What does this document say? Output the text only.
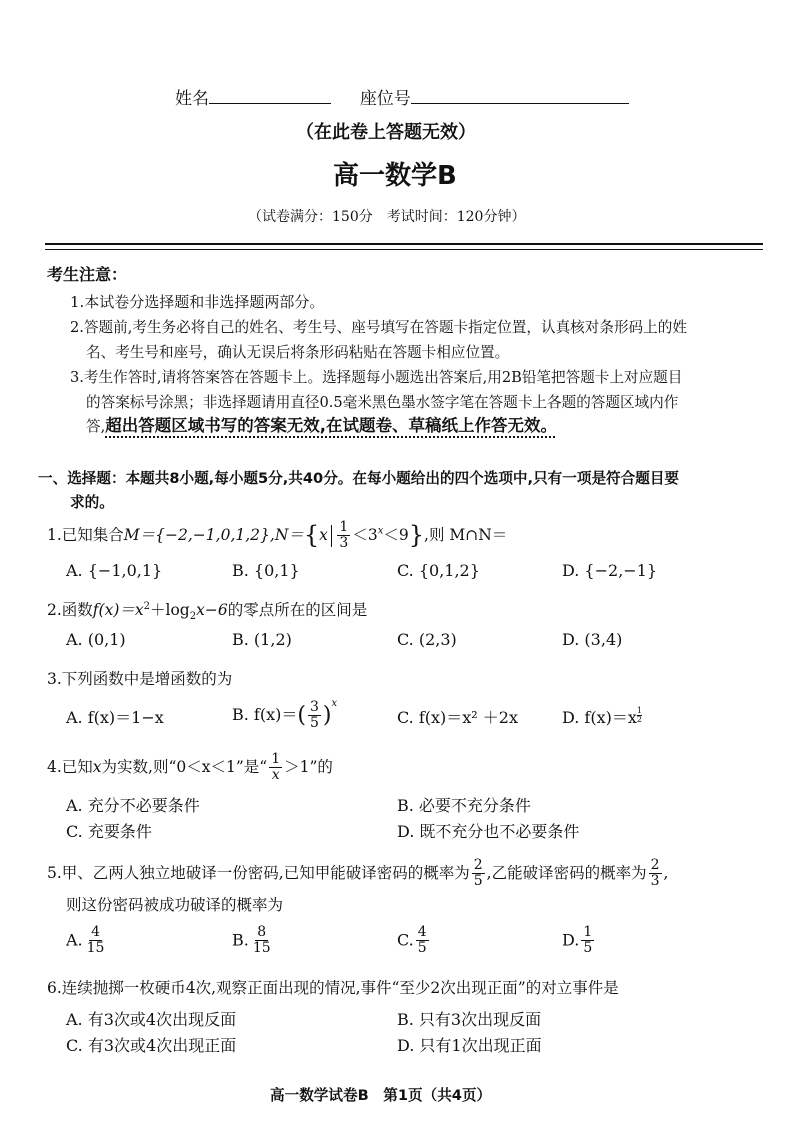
姓名	座位号
（在此卷上答题无效）
高一数学B
（试卷满分：150分　考试时间：120分钟）
考生注意：
1.本试卷分选择题和非选择题两部分。
2.答题前,考生务必将自己的姓名、考生号、座号填写在答题卡指定位置，认真核对条形码上的姓
名、考生号和座号，确认无误后将条形码粘贴在答题卡相应位置。
3.考生作答时,请将答案答在答题卡上。选择题每小题选出答案后,用2B铅笔把答题卡上对应题目
的答案标号涂黑；非选择题请用直径0.5毫米黑色墨水签字笔在答题卡上各题的答题区域内作
答,超出答题区域书写的答案无效,在试题卷、草稿纸上作答无效。
一、选择题：本题共8小题,每小题5分,共40分。在每小题给出的四个选项中,只有一项是符合题目要
求的。
1.已知集合$M=\{-2,-1,0,1,2\},N=\{x \frac{1}{3} <3^x<9\}$,则 M∩N＝
A. {−1,0,1}	B. {0,1}	C. {0,1,2}	D. {−2,−1}
2.函数$f(x)=x^2+\log_2x-6$的零点所在的区间是
A. (0,1)	B. (1,2)	C. (2,3)	D. (3,4)
3.下列函数中是增函数的为
A. f(x)＝1−x	B. $f(x)=( \frac{3}{5} )^x$
C. f(x)＝x² ＋2x	D. $f(x)=x \frac{1}{2}$
4.已知x为实数,则“0＜x＜1”是“ $\frac{1}{x} >1$”的
A. 充分不必要条件	B. 必要不充分条件
C. 充要条件	D. 既不充分也不必要条件
5.甲、乙两人独立地破译一份密码,已知甲能破译密码的概率为 $\frac{2}{5}$ ,乙能破译密码的概率为 $\frac{2}{3}$ ,
则这份密码被成功破译的概率为
A. $\frac{4}{15}$	B. $\frac{8}{15}$	C. $\frac{4}{5}$	D. $\frac{1}{5}$
6.连续抛掷一枚硬币4次,观察正面出现的情况,事件“至少2次出现正面”的对立事件是
A. 有3次或4次出现反面	B. 只有3次出现反面
C. 有3次或4次出现正面	D. 只有1次出现正面
高一数学试卷B　第1页（共4页）
